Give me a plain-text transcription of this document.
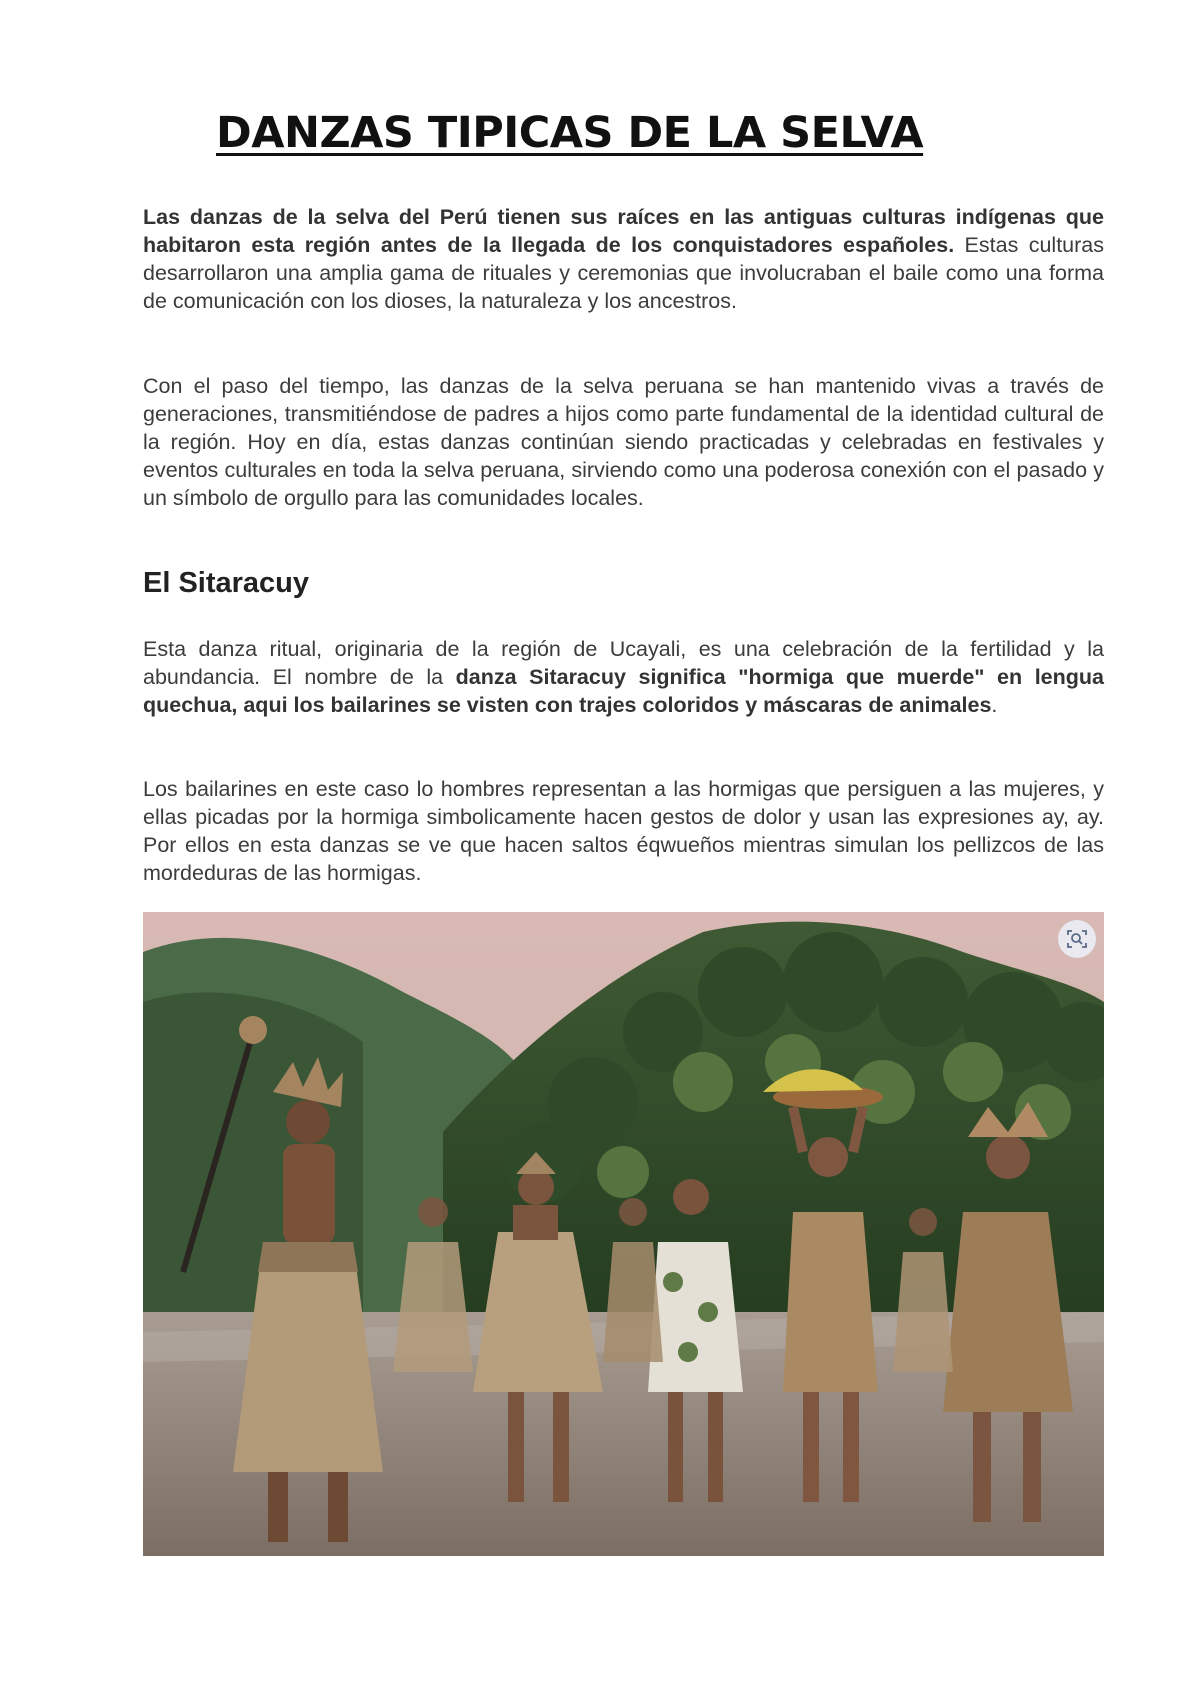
DANZAS TIPICAS DE LA SELVA

Las danzas de la selva del Perú tienen sus raíces en las antiguas culturas indígenas que habitaron esta región antes de la llegada de los conquistadores españoles. Estas culturas desarrollaron una amplia gama de rituales y ceremonias que involucraban el baile como una forma de comunicación con los dioses, la naturaleza y los ancestros.

Con el paso del tiempo, las danzas de la selva peruana se han mantenido vivas a través de generaciones, transmitiéndose de padres a hijos como parte fundamental de la identidad cultural de la región. Hoy en día, estas danzas continúan siendo practicadas y celebradas en festivales y eventos culturales en toda la selva peruana, sirviendo como una poderosa conexión con el pasado y un símbolo de orgullo para las comunidades locales.

El Sitaracuy

Esta danza ritual, originaria de la región de Ucayali, es una celebración de la fertilidad y la abundancia. El nombre de la danza Sitaracuy significa "hormiga que muerde" en lengua quechua, aqui los bailarines se visten con trajes coloridos y máscaras de animales.

Los bailarines en este caso lo hombres representan a las hormigas que persiguen a las mujeres, y ellas picadas por la hormiga simbolicamente hacen gestos de dolor y usan las expresiones ay, ay. Por ellos en esta danzas se ve que hacen saltos éqwueños mientras simulan los pellizcos de las mordeduras de las hormigas.
